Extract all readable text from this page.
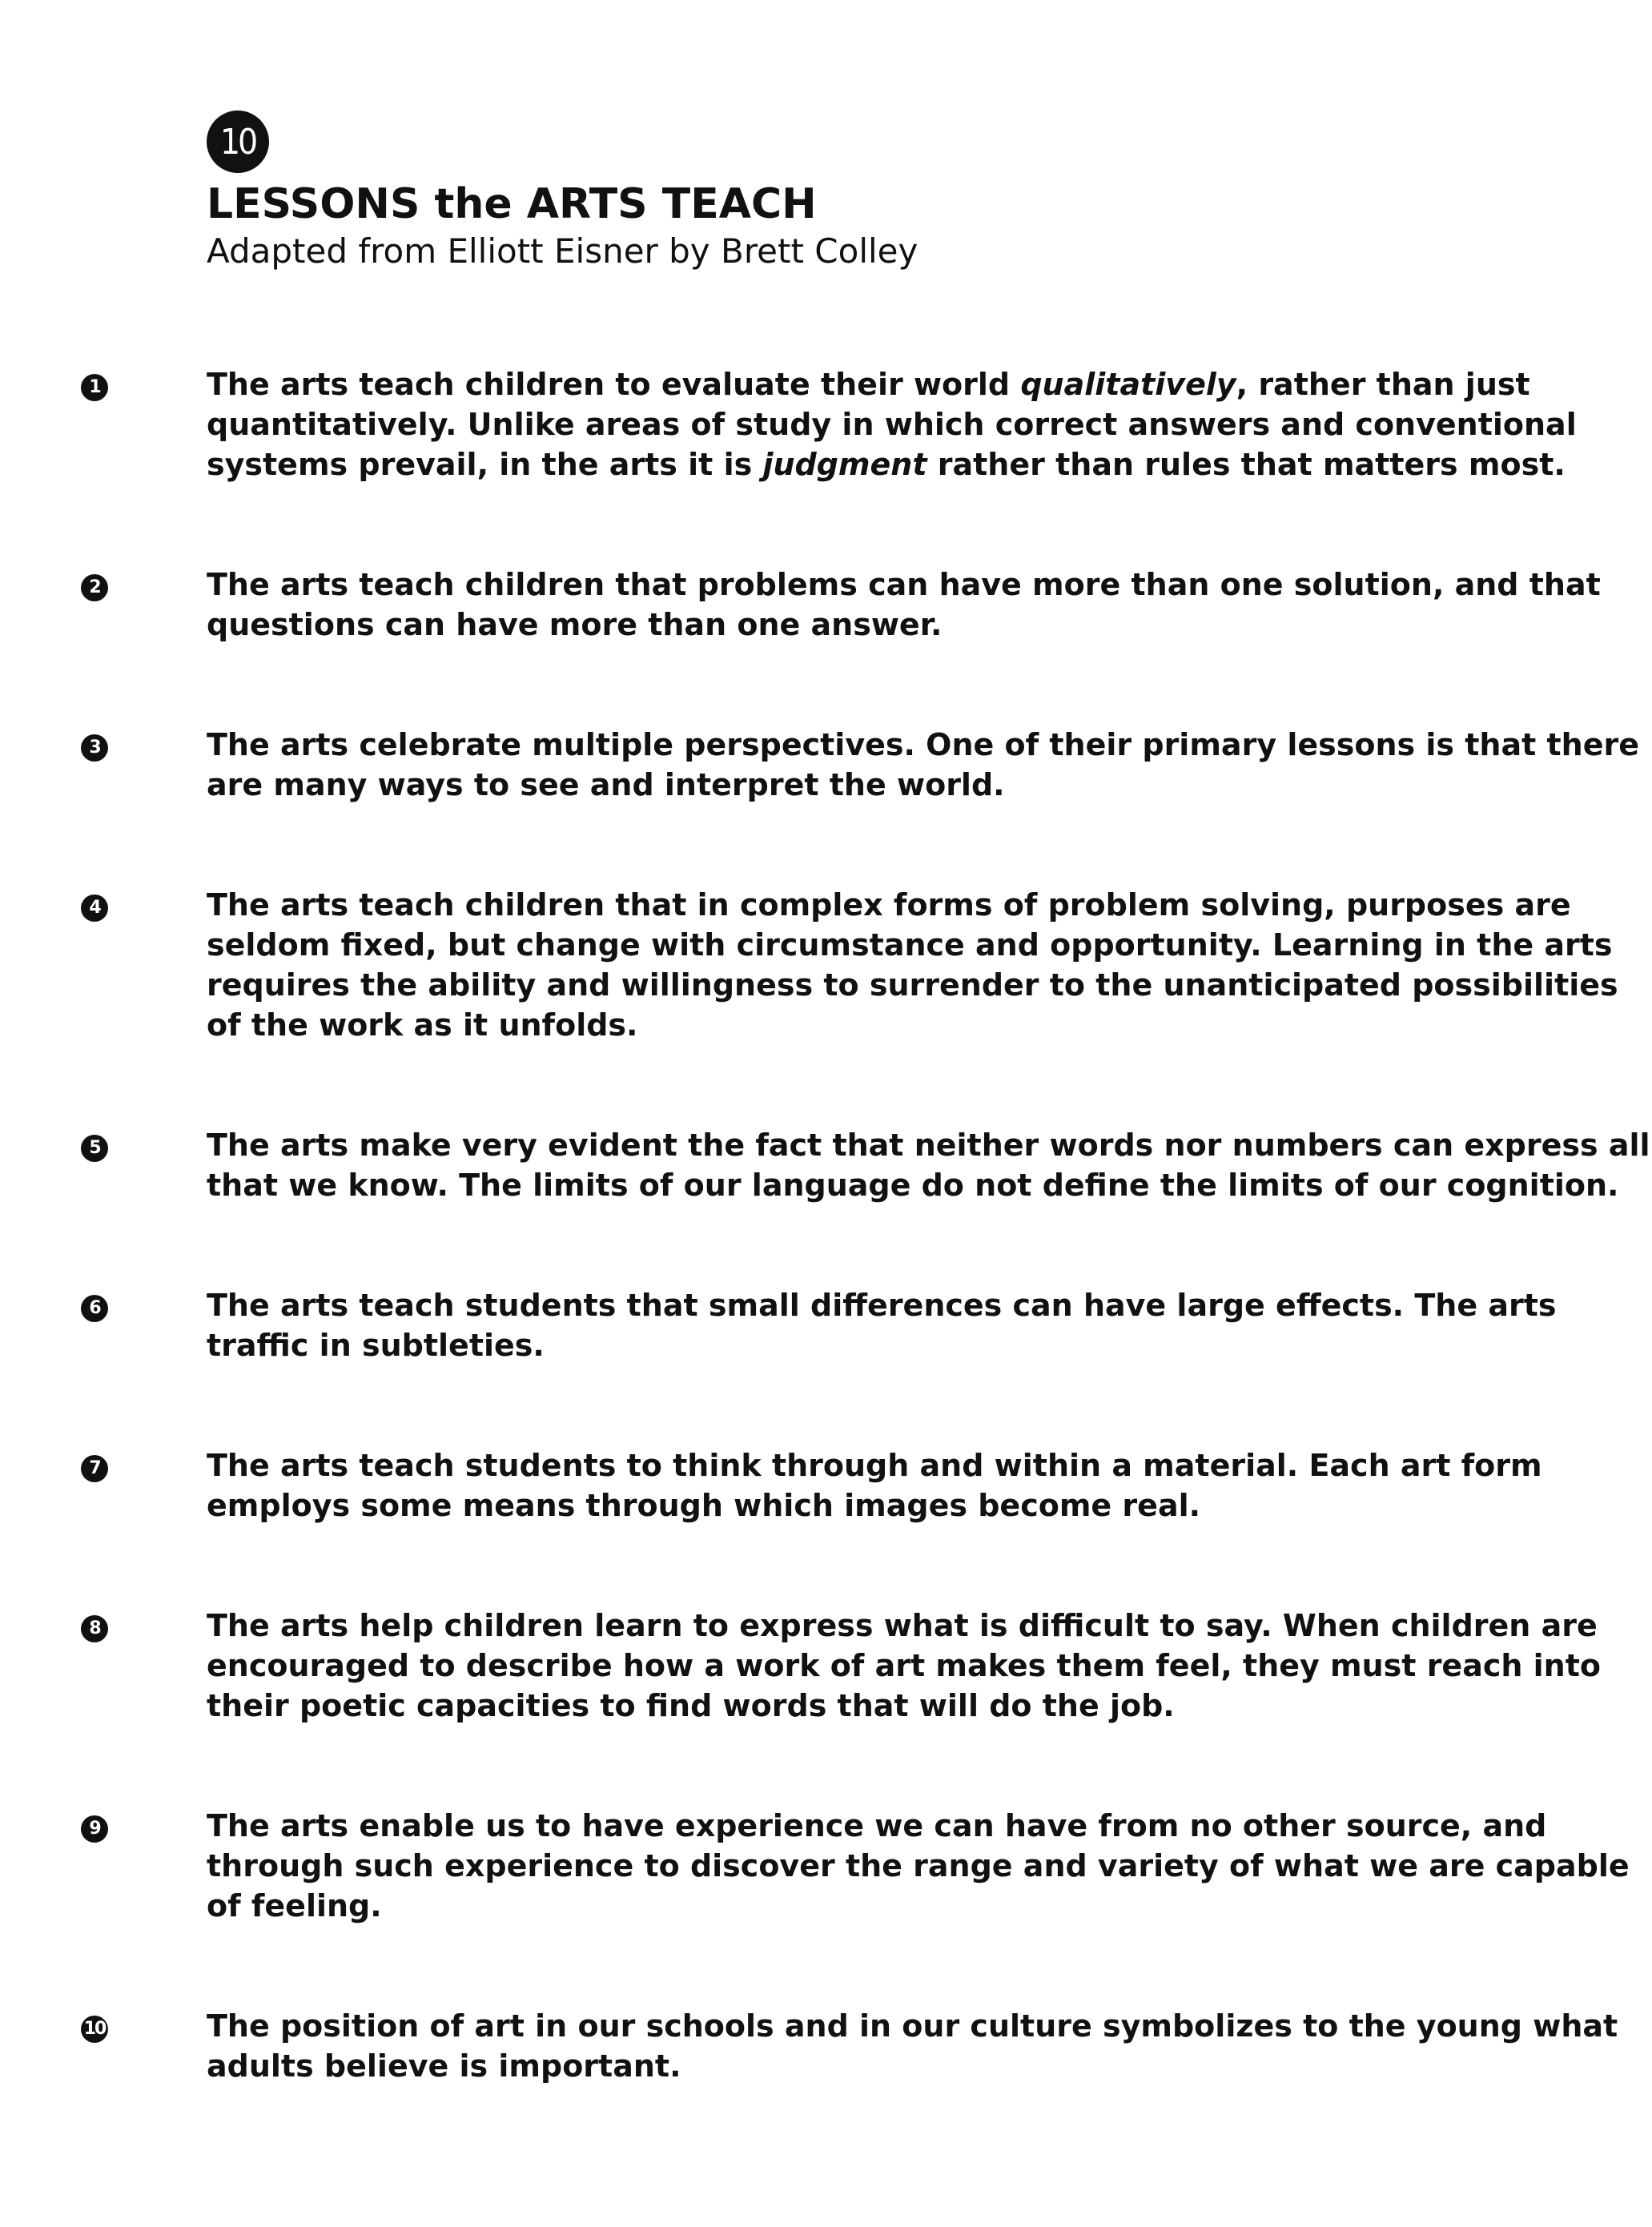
10
LESSONS the ARTS TEACH

Adapted from Elliott Eisner by Brett Colley

1	The arts teach children to evaluate their world qualitatively, rather than just
quantitatively. Unlike areas of study in which correct answers and conventional
systems prevail, in the arts it is judgment rather than rules that matters most.

2	The arts teach children that problems can have more than one solution, and that
questions can have more than one answer.

3	The arts celebrate multiple perspectives. One of their primary lessons is that there
are many ways to see and interpret the world.

4	The arts teach children that in complex forms of problem solving, purposes are
seldom fixed, but change with circumstance and opportunity. Learning in the arts
requires the ability and willingness to surrender to the unanticipated possibilities
of the work as it unfolds.

5	The arts make very evident the fact that neither words nor numbers can express all
that we know. The limits of our language do not define the limits of our cognition.

6	The arts teach students that small differences can have large effects. The arts
traffic in subtleties.

7	The arts teach students to think through and within a material. Each art form
employs some means through which images become real.

8	The arts help children learn to express what is difficult to say. When children are
encouraged to describe how a work of art makes them feel, they must reach into
their poetic capacities to find words that will do the job.

9	The arts enable us to have experience we can have from no other source, and
through such experience to discover the range and variety of what we are capable
of feeling.

10	The position of art in our schools and in our culture symbolizes to the young what
adults believe is important.
